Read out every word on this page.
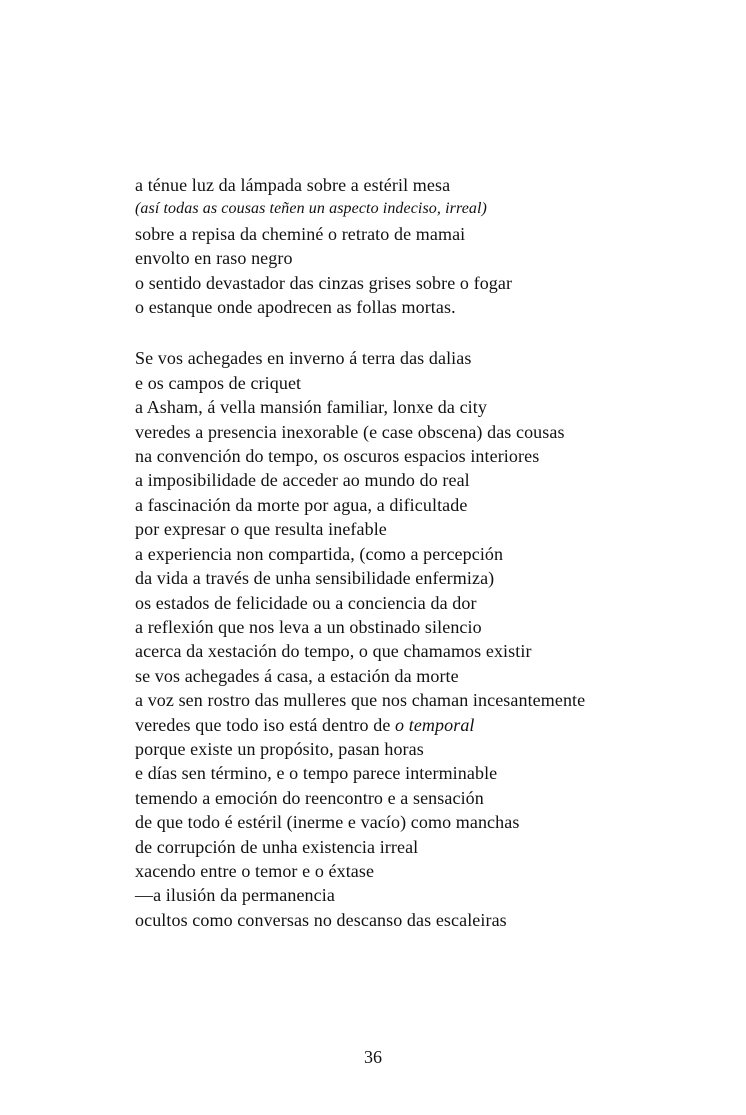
a ténue luz da lámpada sobre a estéril mesa
(así todas as cousas teñen un aspecto indeciso, irreal)
sobre a repisa da cheminé o retrato de mamai
envolto en raso negro
o sentido devastador das cinzas grises sobre o fogar
o estanque onde apodrecen as follas mortas.
Se vos achegades en inverno á terra das dalias
e os campos de criquet
a Asham, á vella mansión familiar, lonxe da city
veredes a presencia inexorable (e case obscena) das cousas
na convención do tempo, os oscuros espacios interiores
a imposibilidade de acceder ao mundo do real
a fascinación da morte por agua, a dificultade
por expresar o que resulta inefable
a experiencia non compartida, (como a percepción
da vida a través de unha sensibilidade enfermiza)
os estados de felicidade ou a conciencia da dor
a reflexión que nos leva a un obstinado silencio
acerca da xestación do tempo, o que chamamos existir
se vos achegades á casa, a estación da morte
a voz sen rostro das mulleres que nos chaman incesantemente
veredes que todo iso está dentro de o temporal
porque existe un propósito, pasan horas
e días sen término, e o tempo parece interminable
temendo a emoción do reencontro e a sensación
de que todo é estéril (inerme e vacío) como manchas
de corrupción de unha existencia irreal
xacendo entre o temor e o éxtase
—a ilusión da permanencia
ocultos como conversas no descanso das escaleiras
36
